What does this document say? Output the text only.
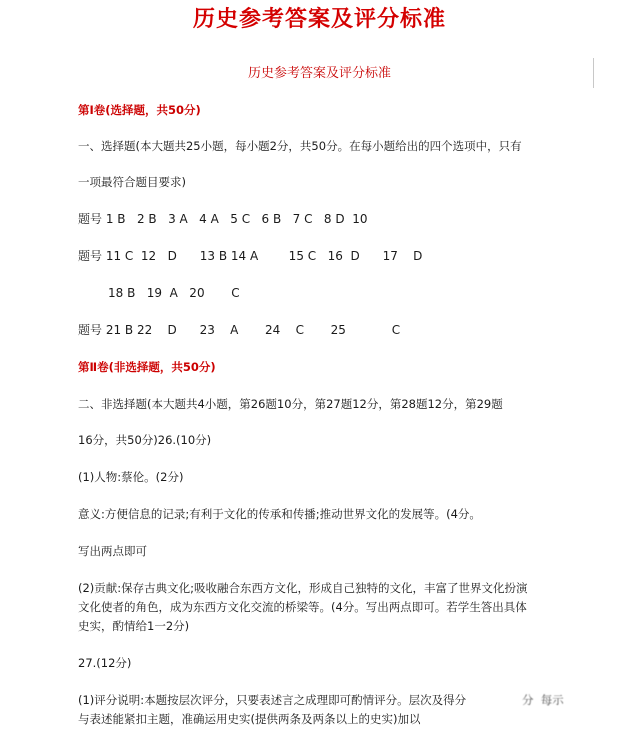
历史参考答案及评分标准
历史参考答案及评分标准
第Ⅰ卷(选择题，共50分)
一、选择题(本大题共25小题，每小题2分，共50分。在每小题给出的四个选项中，只有
一项最符合题目要求)
题号 1 B   2 B   3 A   4 A   5 C   6 B   7 C   8 D  10
题号 11 C  12   D      13 B 14 A        15 C   16  D      17    D
18 B   19  A   20       C
题号 21 B 22    D      23    A       24    C       25            C
第Ⅱ卷(非选择题，共50分)
二、非选择题(本大题共4小题，第26题10分，第27题12分，第28题12分，第29题
16分，共50分)26.(10分)
(1)人物:蔡伦。(2分)
意义:方便信息的记录;有利于文化的传承和传播;推动世界文化的发展等。(4分。
写出两点即可
(2)贡献:保存古典文化;吸收融合东西方文化，形成自己独特的文化，丰富了世界文化扮演
文化使者的角色，成为东西方文化交流的桥梁等。(4分。写出两点即可。若学生答出具体
史实，酌情给1一2分)
27.(12分)
(1)评分说明:本题按层次评分，只要表述言之成理即可酌情评分。层次及得分	分  每示
与表述能紧扣主题，准确运用史实(提供两条及两条以上的史实)加以
